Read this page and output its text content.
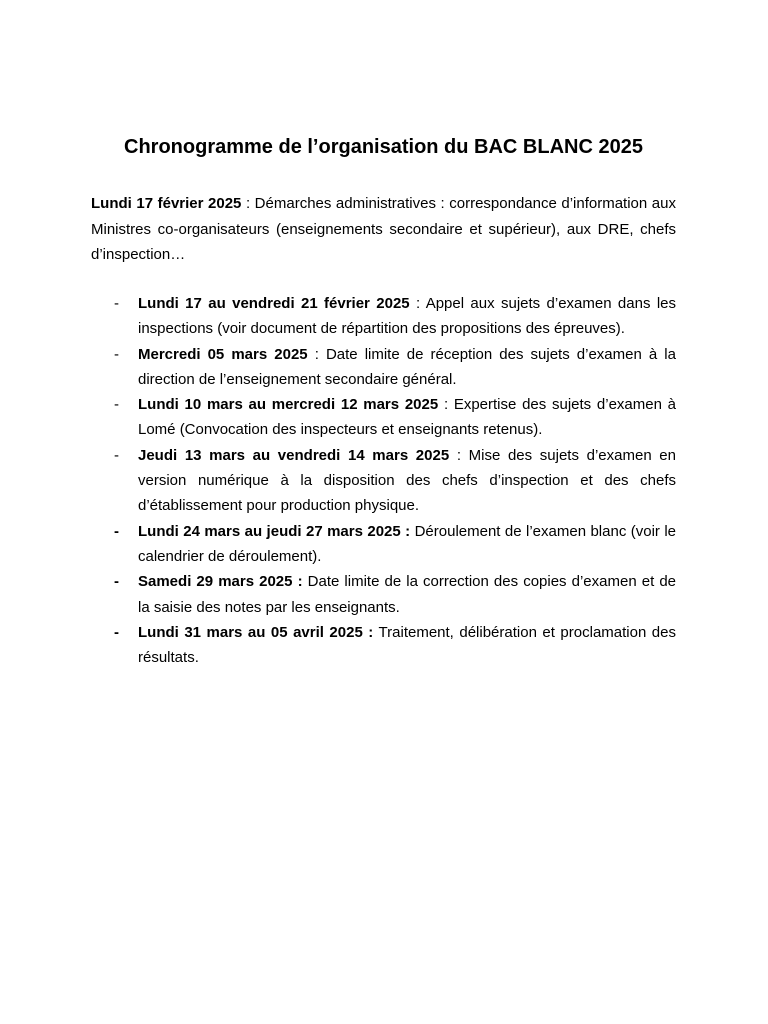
Chronogramme de l’organisation du BAC BLANC 2025

Lundi 17 février 2025 : Démarches administratives : correspondance d’information aux Ministres co-organisateurs (enseignements secondaire et supérieur), aux DRE, chefs d’inspection…

- Lundi 17 au vendredi 21 février 2025 : Appel aux sujets d’examen dans les inspections (voir document de répartition des propositions des épreuves).
- Mercredi 05 mars 2025 : Date limite de réception des sujets d’examen à la direction de l’enseignement secondaire général.
- Lundi 10 mars au mercredi 12 mars 2025 : Expertise des sujets d’examen à Lomé (Convocation des inspecteurs et enseignants retenus).
- Jeudi 13 mars au vendredi 14 mars 2025 : Mise des sujets d’examen en version numérique à la disposition des chefs d’inspection et des chefs d’établissement pour production physique.
- Lundi 24 mars au jeudi 27 mars 2025 : Déroulement de l’examen blanc (voir le calendrier de déroulement).
- Samedi 29 mars 2025 : Date limite de la correction des copies d’examen et de la saisie des notes par les enseignants.
- Lundi 31 mars au 05 avril 2025 : Traitement, délibération et proclamation des résultats.
